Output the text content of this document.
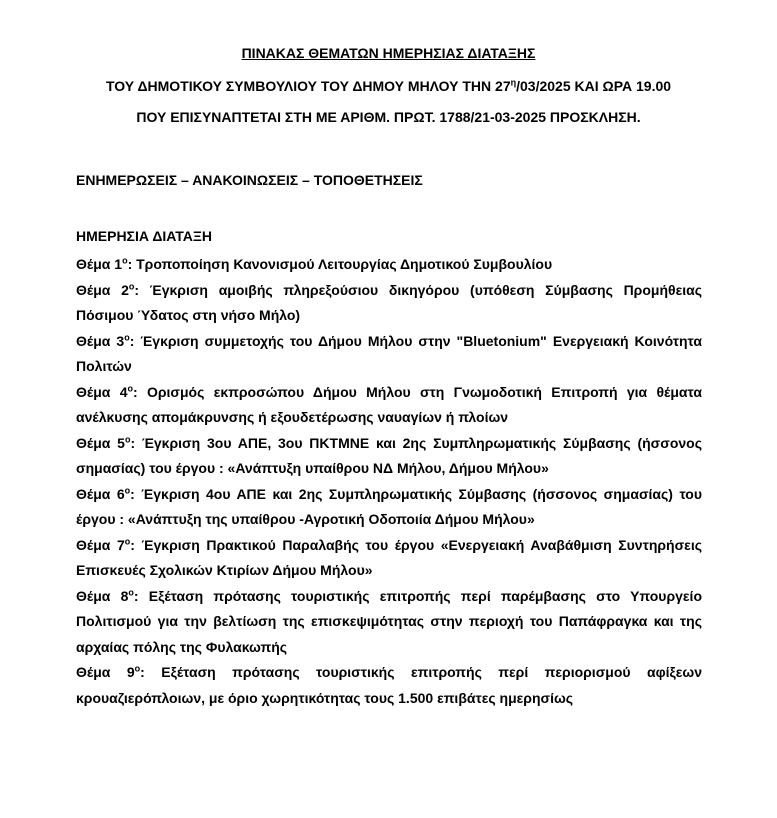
ΠΙΝΑΚΑΣ ΘΕΜΑΤΩΝ ΗΜΕΡΗΣΙΑΣ ΔΙΑΤΑΞΗΣ
ΤΟΥ ΔΗΜΟΤΙΚΟΥ ΣΥΜΒΟΥΛΙΟΥ ΤΟΥ ΔΗΜΟΥ ΜΗΛΟΥ ΤΗΝ $27^\eta/03/2025$ ΚΑΙ ΩΡΑ 19.00
ΠΟΥ ΕΠΙΣΥΝΑΠΤΕΤΑΙ ΣΤΗ ΜΕ ΑΡΙΘΜ. ΠΡΩΤ. 1788/21-03-2025 ΠΡΟΣΚΛΗΣΗ.
ΕΝΗΜΕΡΩΣΕΙΣ – ΑΝΑΚΟΙΝΩΣΕΙΣ – ΤΟΠΟΘΕΤΗΣΕΙΣ
ΗΜΕΡΗΣΙΑ ΔΙΑΤΑΞΗ

Θέμα $1^o$: Τροποποίηση Κανονισμού Λειτουργίας Δημοτικού Συμβουλίου

Θέμα $2^o$: Έγκριση αμοιβής πληρεξούσιου δικηγόρου (υπόθεση Σύμβασης Προμήθειας Πόσιμου Ύδατος στη νήσο Μήλο)

Θέμα $3^o$: Έγκριση συμμετοχής του Δήμου Μήλου στην "Bluetonium" Ενεργειακή Κοινότητα Πολιτών

Θέμα $4^o$: Ορισμός εκπροσώπου Δήμου Μήλου στη Γνωμοδοτική Επιτροπή για θέματα ανέλκυσης απομάκρυνσης ή εξουδετέρωσης ναυαγίων ή πλοίων

Θέμα $5^o$: Έγκριση 3ου ΑΠΕ, 3ου ΠΚΤΜΝΕ και 2ης Συμπληρωματικής Σύμβασης (ήσσονος σημασίας) του έργου : «Ανάπτυξη υπαίθρου ΝΔ Μήλου, Δήμου Μήλου»

Θέμα $6^o$: Έγκριση 4ου ΑΠΕ και 2ης Συμπληρωματικής Σύμβασης (ήσσονος σημασίας) του έργου : «Ανάπτυξη της υπαίθρου -Αγροτική Οδοποιία Δήμου Μήλου»

Θέμα $7^o$: Έγκριση Πρακτικού Παραλαβής του έργου «Ενεργειακή Αναβάθμιση Συντηρήσεις Επισκευές Σχολικών Κτιρίων Δήμου Μήλου»

Θέμα $8^o$: Εξέταση πρότασης τουριστικής επιτροπής περί παρέμβασης στο Υπουργείο Πολιτισμού για την βελτίωση της επισκεψιμότητας στην περιοχή του Παπάφραγκα και της αρχαίας πόλης της Φυλακωπής

Θέμα $9^o$: Εξέταση πρότασης τουριστικής επιτροπής περί περιορισμού αφίξεων κρουαζιερόπλοιων, με όριο χωρητικότητας τους 1.500 επιβάτες ημερησίως
